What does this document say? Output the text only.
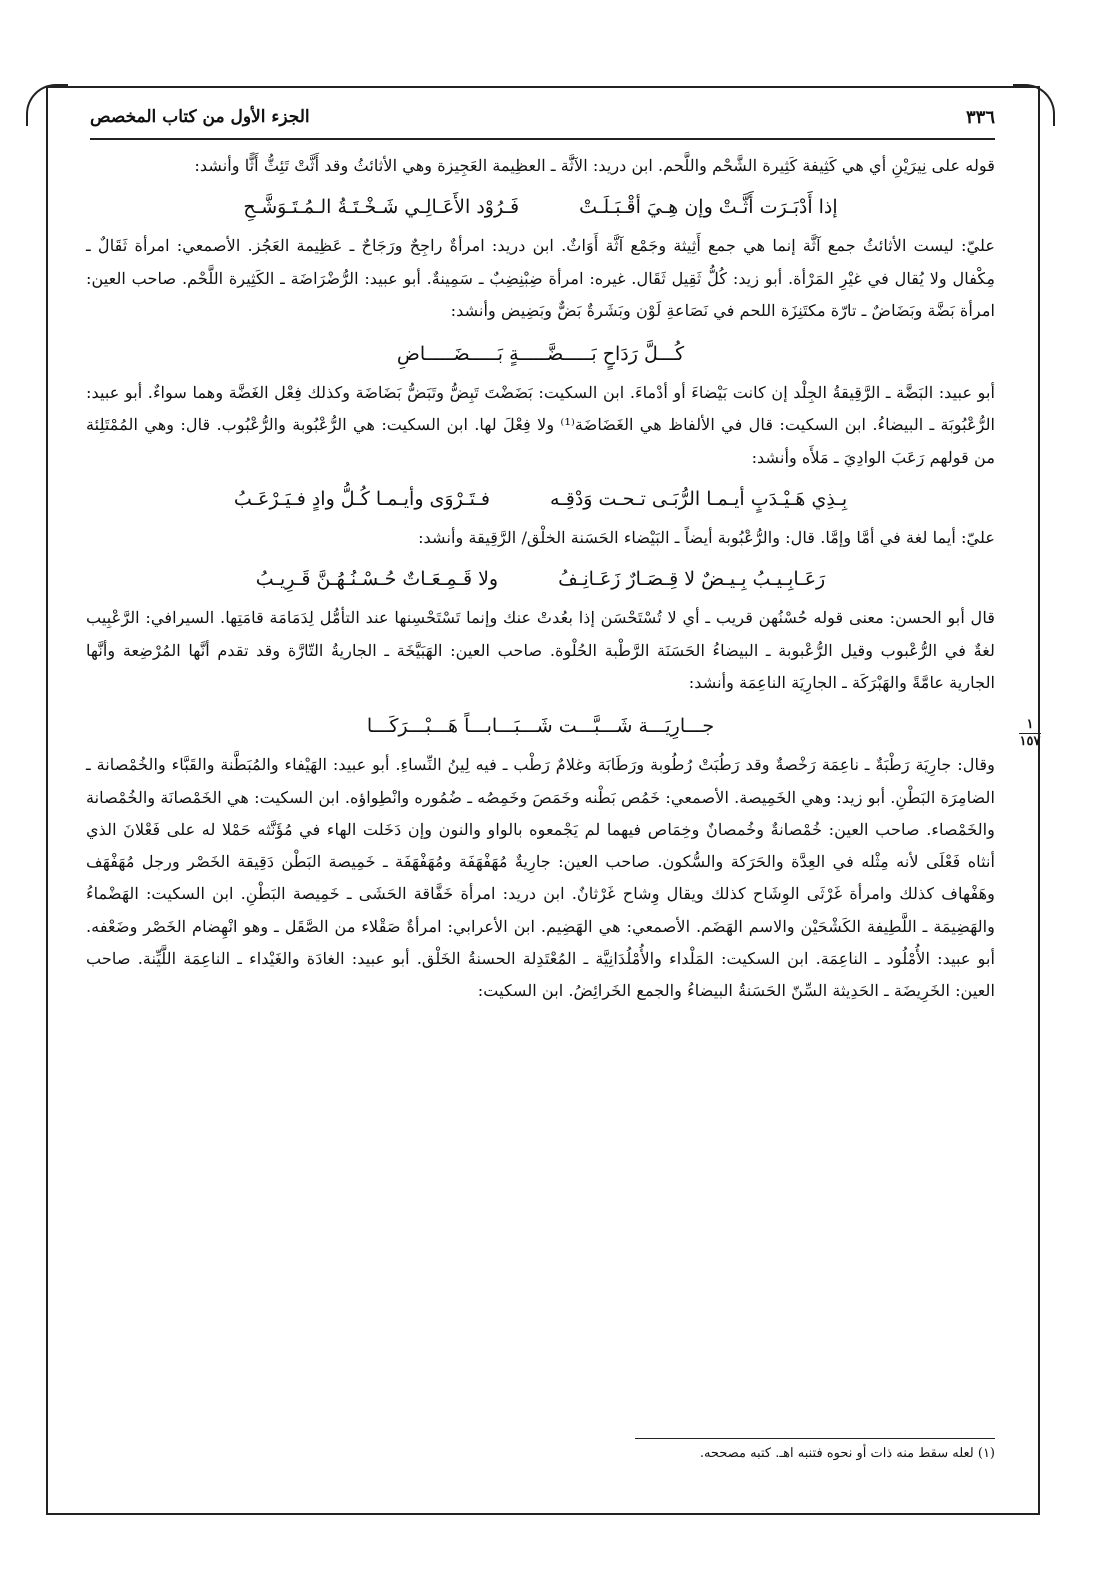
٣٣٦
الجزء الأول من كتاب المخصص
١
١٥٧

قوله على نِيرَيْنِ أي هي كَثِيفة كَثِيرة الشَّحْم واللَّحم. ابن دريد: الآثَّة ـ العظِيمة العَجِيزة وهي الأثائثُ وقد أَثَّتْ تَئِثُّ أَثًّا وأنشد:

إذا أَدْبَـرَت أَثَّـتْ وإن هِـيَ أقْـبَـلَـتْ
فَـرُوْد الأَعَـالِـي شَـخْـتَـةُ الـمُـتَـوَشَّـحِ

عليّ: ليست الأثائثُ جمع آثَّة إنما هي جمع أَثِيثة وجَمْع آثَّة أَوَاثٌ. ابن دريد: امرأةٌ راجِحٌ ورَجَاحٌ ـ عَظِيمة العَجُز. الأصمعي: امرأة ثَقَالٌ ـ مِكْفال ولا يُقال في غيْرِ المَرْأة. أبو زيد: كُلُّ ثَقِيل ثَقَال. غيره: امرأة ضِبْنِضِبٌ ـ سَمِينةٌ. أبو عبيد: الرُّضْرَاضَة ـ الكَثِيرة اللَّحْم. صاحب العين: امرأة بَضَّة وبَضَاضٌ ـ تارّة مكتَنِزَة اللحم في نَصَاعةِ لَوْن وبَشَرةٌ بَضٌّ وبَضِيض وأنشد:

كُـــلَّ رَدَاحٍ بَـــــضَّـــــةٍ بَـــــضَـــــاضِ

أبو عبيد: البَضَّة ـ الرَّقِيقةُ الجِلْد إن كانت بَيْضاءَ أو أدْماءَ. ابن السكيت: بَضَضْتَ تَبِضُّ وتَبَضُّ بَضَاضَة وكذلك فِعْل الغَضَّة وهما سواءٌ. أبو عبيد: الرُّعْبُوبَة ـ البيضاءُ. ابن السكيت: قال في الألفاظ هي الغَضَاضَة⁽¹⁾ ولا فِعْلَ لها. ابن السكيت: هي الرُّعْبُوبة والرُّعْبُوب. قال: وهي المُمْتَلِئة من قولهم رَعَبَ الوادِيَ ـ مَلأَه وأنشد:

بِـذِي هَـيْـدَبٍ أيـمـا الرُّبَـى تـحـت وَدْقِـه
فـتَـرْوَى وأيـمـا كُـلُّ وادٍ فـيَـرْعَـبُ

عليّ: أيما لغة في أمَّا وإمَّا. قال: والرُّعْبُوبة أيضاً ـ البَيْضاء الحَسَنة الخلْق/ الرَّقِيقة وأنشد:

رَعَـابِـيـبُ بِـيـضٌ لا قِـصَـارٌ زَعَـانِـفُ
ولا قَـمِـعَـاتٌ حُـسْـنُـهُـنَّ قَـرِيـبُ

قال أبو الحسن: معنى قوله حُسْنُهن قريب ـ أي لا تُسْتَحْسَن إذا بعُدتْ عنك وإنما تَسْتَحْسِنها عند التأمُّل لِدَمَامَة قامَتِها. السيرافي: الرَّعْبِيب لغةٌ في الرُّعْبوب وقيل الرُّعْبوبة ـ البيضاءُ الحَسَنَة الرَّطْبة الحُلْوة. صاحب العين: الهَبَيَّخَة ـ الجاريةُ التّارَّة وقد تقدم أنَّها المُرْضِعة وأنَّها الجارية عامَّةً والهَبْرَكَة ـ الجارِيَة الناعِمَة وأنشد:

جـــارِيَـــة شَـــبَّـــت شَـــبَـــابـــاً هَـــبْـــرَكَـــا

وقال: جارِيَة رَطْبَةٌ ـ ناعِمَة رَخْصةٌ وقد رَطُبَتْ رُطُوبة ورَطَابَة وغلامٌ رَطْب ـ فيه لِينُ النِّساءِ. أبو عبيد: الهَيْفاء والمُبَطَّنة والقَبَّاء والخُمْصانة ـ الضامِرَة البَطْنِ. أبو زيد: وهي الخَمِيصة. الأصمعي: خَمُص بَطْنه وخَمَصَ وخَمِصُه ـ ضُمُوره وانْطِواؤه. ابن السكيت: هي الخَمْصانَة والخُمْصانة والخَمْصاء. صاحب العين: خُمْصانةٌ وخُمصانٌ وخِمَاص فيهما لم يَجْمعوه بالواو والنون وإن دَخَلت الهاء في مُؤَنَّثه حَمْلا له على فَعْلانَ الذي أنثاه فَعْلَى لأنه مِثْله في العِدَّة والحَرَكة والسُّكون. صاحب العين: جارِيةٌ مُهَفْهَفَة ومُهَفْهَفَة ـ خَمِيصة البَطْن دَقِيقة الخَصْر ورجل مُهَفْهَف وهَفْهاف كذلك وامرأة غَرْثَى الوِشَاح كذلك ويقال وِشاح غَرْثانٌ. ابن دريد: امرأة خَفَّاقة الحَشَى ـ خَمِيصة البَطْنِ. ابن السكيت: الهَضْماءُ والهَضِيمَة ـ اللَّطِيفة الكَشْحَيْن والاسم الهَضَم. الأصمعي: هي الهَضِيم. ابن الأعرابي: امرأةٌ صَقْلاء من الصَّقَل ـ وهو انْهِضام الخَصْر وضَعْفه. أبو عبيد: الأُمْلُود ـ الناعِمَة. ابن السكيت: المَلْداء والأُمْلُدَانِيَّة ـ المُعْتَدِلة الحسنةُ الخَلْق. أبو عبيد: الغادَة والغَيْداء ـ الناعِمَة اللَّيِّنة. صاحب العين: الخَرِيضَة ـ الحَدِيثة السِّنّ الحَسَنةُ البيضاءُ والجمع الخَرائِضُ. ابن السكيت:

(١) لعله سقط منه ذات أو نحوه فتنبه اهـ. كتبه مصححه.
